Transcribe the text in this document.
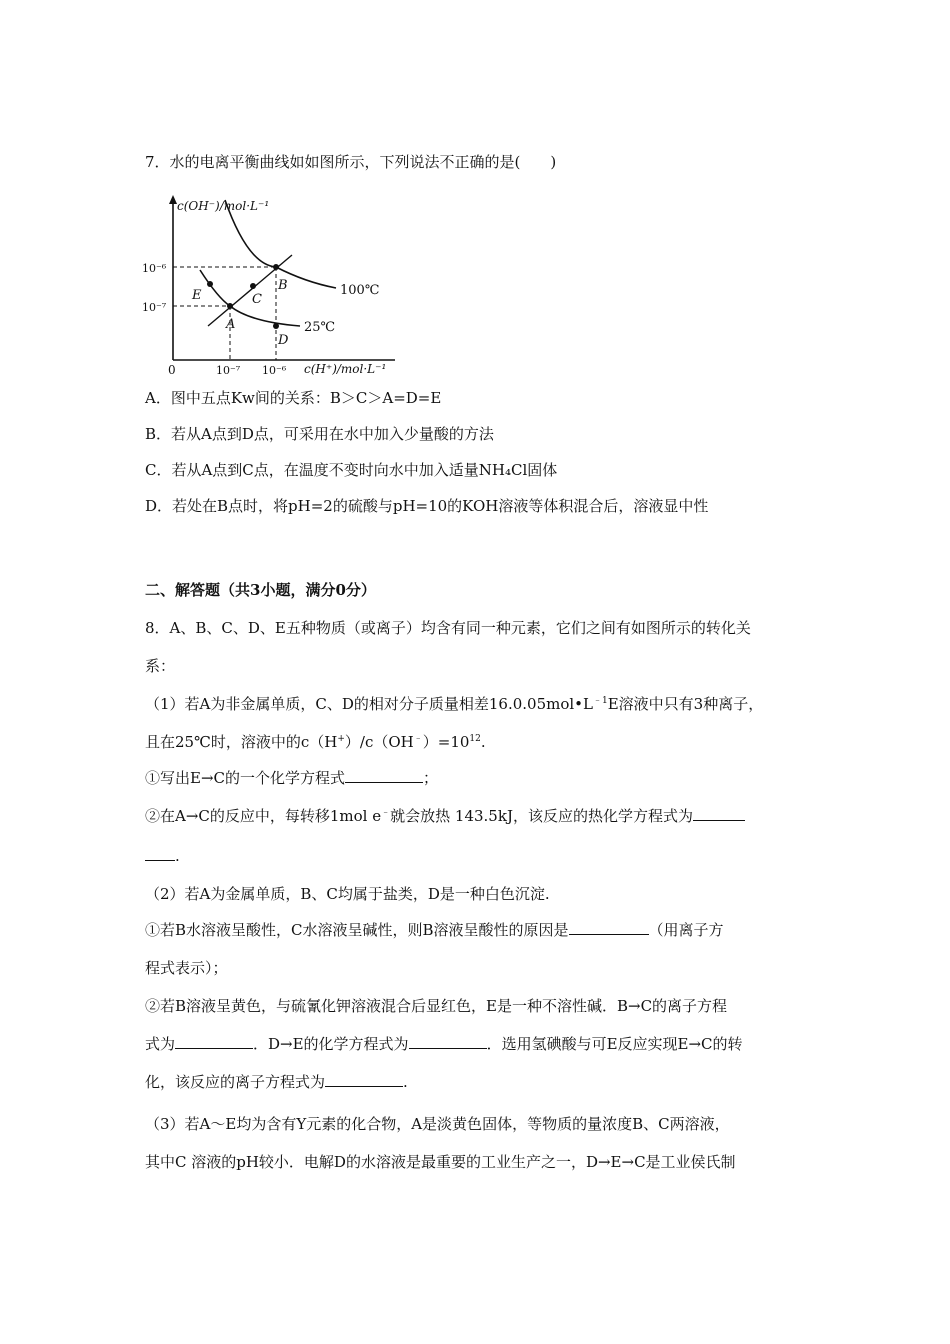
7．水的电离平衡曲线如如图所示，下列说法不正确的是(　　)
c(OH⁻)/mol·L⁻¹
c(H⁺)/mol·L⁻¹
0
10⁻⁶
10⁻⁷
10⁻⁷ 10⁻⁶
100℃
25℃
E
A
C
B
D
A．图中五点Kw间的关系：B＞C＞A=D=E
B．若从A点到D点，可采用在水中加入少量酸的方法
C．若从A点到C点，在温度不变时向水中加入适量NH₄Cl固体
D．若处在B点时，将pH=2的硫酸与pH=10的KOH溶液等体积混合后，溶液显中性
二、解答题（共3小题，满分0分）
8．A、B、C、D、E五种物质（或离子）均含有同一种元素，它们之间有如图所示的转化关
系：
（1）若A为非金属单质，C、D的相对分子质量相差$16.0.05mol•L^{﹣1}E$溶液中只有3种离子，
且在25℃时，溶液中的$c(H^+)/c(OH^﹣)=10^{12}$.
①写出E→C的一个化学方程式	；
②在A→C的反应中，每转移1mol e﹣就会放热 143.5kJ，该反应的热化学方程式为
.
（2）若A为金属单质，B、C均属于盐类，D是一种白色沉淀.
①若B水溶液呈酸性，C水溶液呈碱性，则B溶液呈酸性的原因是	（用离子方
程式表示）；
②若B溶液呈黄色，与硫氰化钾溶液混合后显红色，E是一种不溶性碱．B→C的离子方程
式为	．D→E的化学方程式为	．选用氢碘酸与可E反应实现E→C的转
化，该反应的离子方程式为	.
（3）若A～E均为含有Y元素的化合物，A是淡黄色固体，等物质的量浓度B、C两溶液，
其中C 溶液的pH较小．电解D的水溶液是最重要的工业生产之一，D→E→C是工业侯氏制
